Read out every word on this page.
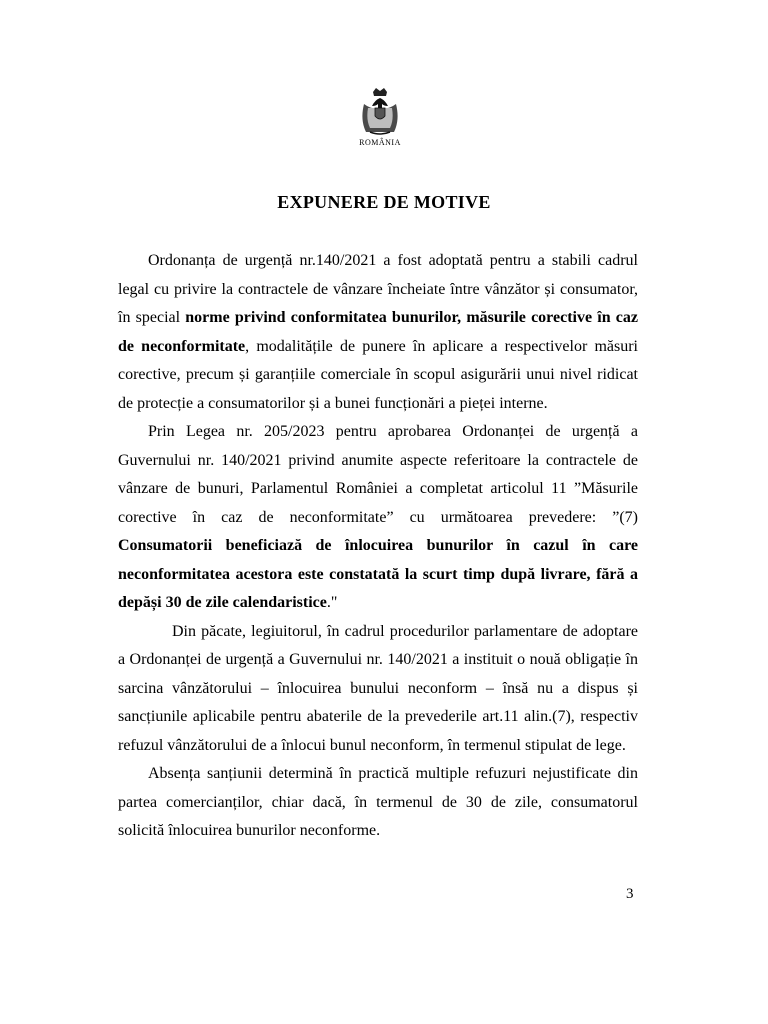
ROMÂNIA
EXPUNERE DE MOTIVE

Ordonanța de urgență nr.140/2021 a fost adoptată pentru a stabili cadrul legal cu privire la contractele de vânzare încheiate între vânzător și consumator, în special norme privind conformitatea bunurilor, măsurile corective în caz de neconformitate, modalitățile de punere în aplicare a respectivelor măsuri corective, precum și garanțiile comerciale în scopul asigurării unui nivel ridicat de protecție a consumatorilor și a bunei funcționări a pieței interne.

Prin Legea nr. 205/2023 pentru aprobarea Ordonanței de urgență a Guvernului nr. 140/2021 privind anumite aspecte referitoare la contractele de vânzare de bunuri, Parlamentul României a completat articolul 11 ”Măsurile corective în caz de neconformitate” cu următoarea prevedere: ”(7) Consumatorii beneficiază de înlocuirea bunurilor în cazul în care neconformitatea acestora este constatată la scurt timp după livrare, fără a depăși 30 de zile calendaristice."

Din păcate, legiuitorul, în cadrul procedurilor parlamentare de adoptare a Ordonanței de urgență a Guvernului nr. 140/2021 a instituit o nouă obligație în sarcina vânzătorului – înlocuirea bunului neconform – însă nu a dispus și sancțiunile aplicabile pentru abaterile de la prevederile art.11 alin.(7), respectiv refuzul vânzătorului de a înlocui bunul neconform, în termenul stipulat de lege.

Absența sanțiunii determină în practică multiple refuzuri nejustificate din partea comercianților, chiar dacă, în termenul de 30 de zile, consumatorul solicită înlocuirea bunurilor neconforme.

3
